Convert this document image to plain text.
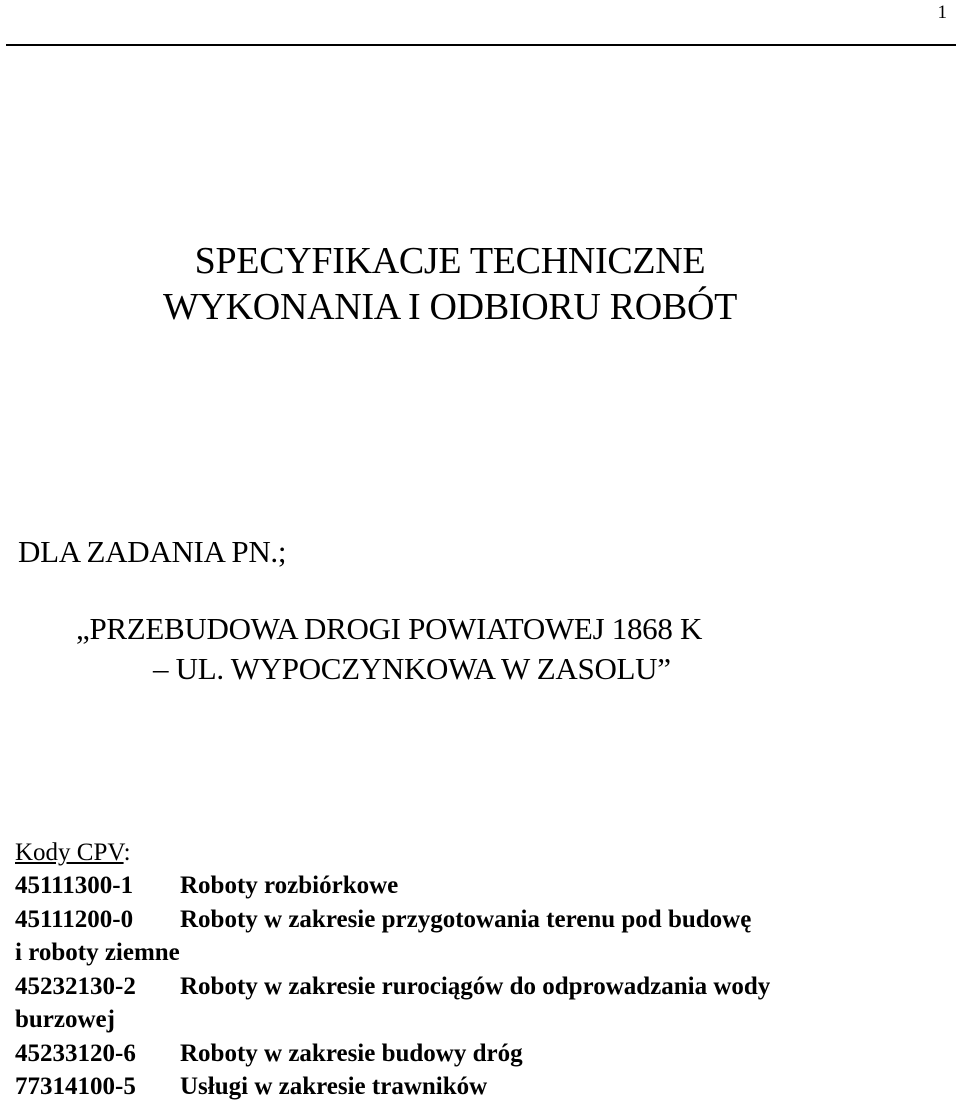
1
SPECYFIKACJE TECHNICZNE
WYKONANIA I ODBIORU ROBÓT
DLA ZADANIA PN.;
„PRZEBUDOWA DROGI POWIATOWEJ 1868 K
– UL. WYPOCZYNKOWA W ZASOLU”
Kody CPV:
45111300-1 Roboty rozbiórkowe
45111200-0 Roboty w zakresie przygotowania terenu pod budowę
i roboty ziemne
45232130-2 Roboty w zakresie rurociągów do odprowadzania wody
burzowej
45233120-6 Roboty w zakresie budowy dróg
77314100-5 Usługi w zakresie trawników
